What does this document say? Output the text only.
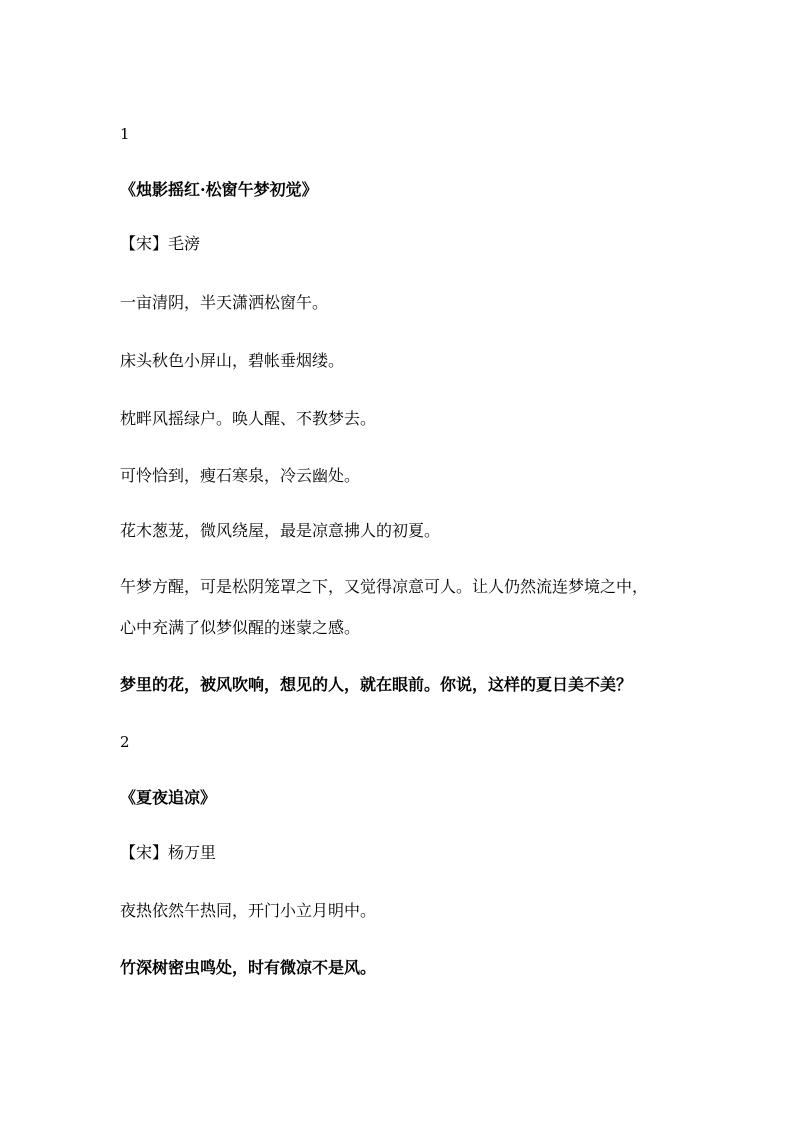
1
《烛影摇红·松窗午梦初觉》
【宋】毛滂
一亩清阴，半天潇洒松窗午。
床头秋色小屏山，碧帐垂烟缕。
枕畔风摇绿户。唤人醒、不教梦去。
可怜恰到，瘦石寒泉，冷云幽处。
花木葱茏，微风绕屋，最是凉意拂人的初夏。
午梦方醒，可是松阴笼罩之下，又觉得凉意可人。让人仍然流连梦境之中，
心中充满了似梦似醒的迷蒙之感。
梦里的花，被风吹响，想见的人，就在眼前。你说，这样的夏日美不美？
2
《夏夜追凉》
【宋】杨万里
夜热依然午热同，开门小立月明中。
竹深树密虫鸣处，时有微凉不是风。
